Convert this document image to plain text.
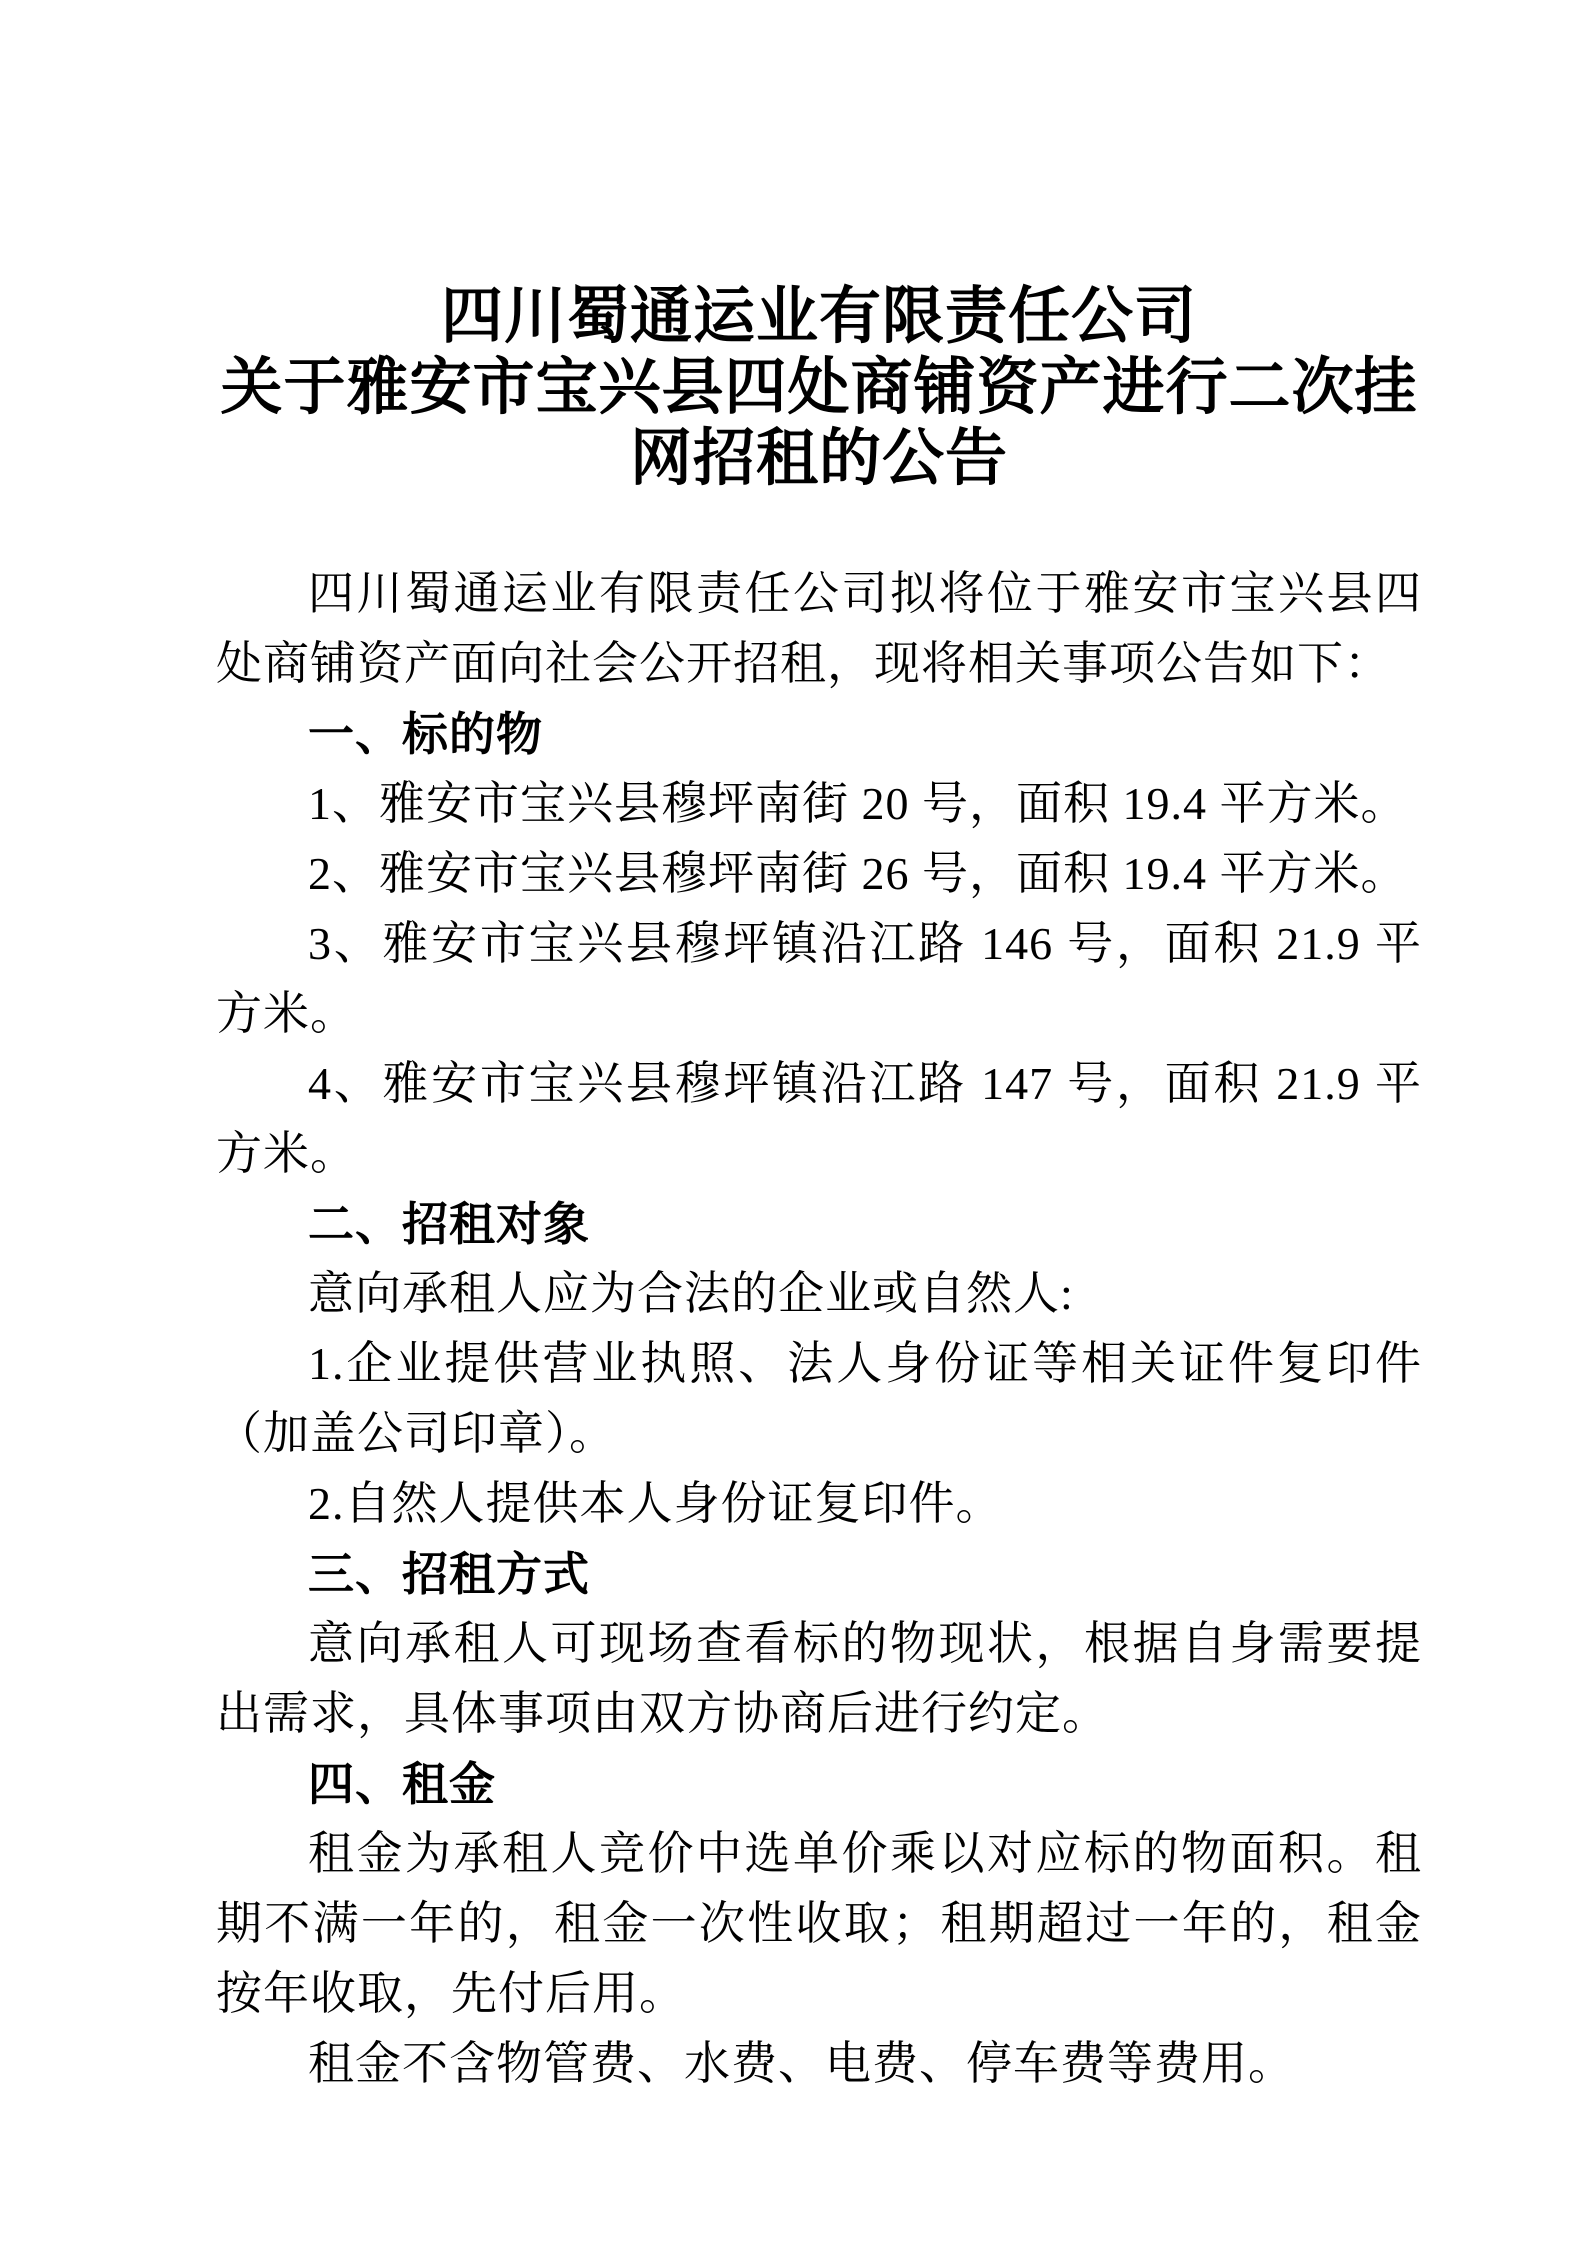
四川蜀通运业有限责任公司
关于雅安市宝兴县四处商铺资产进行二次挂
网招租的公告

四川蜀通运业有限责任公司拟将位于雅安市宝兴县四处商铺资产面向社会公开招租，现将相关事项公告如下：

一、标的物

1、雅安市宝兴县穆坪南街 20 号，面积 19.4 平方米。

2、雅安市宝兴县穆坪南街 26 号，面积 19.4 平方米。

3、雅安市宝兴县穆坪镇沿江路 146 号，面积 21.9 平方米。

4、雅安市宝兴县穆坪镇沿江路 147 号，面积 21.9 平方米。

二、招租对象

意向承租人应为合法的企业或自然人:

1.企业提供营业执照、法人身份证等相关证件复印件（加盖公司印章）。

2.自然人提供本人身份证复印件。

三、招租方式

意向承租人可现场查看标的物现状，根据自身需要提出需求，具体事项由双方协商后进行约定。

四、租金

租金为承租人竞价中选单价乘以对应标的物面积。租期不满一年的，租金一次性收取；租期超过一年的，租金按年收取，先付后用。

租金不含物管费、水费、电费、停车费等费用。
